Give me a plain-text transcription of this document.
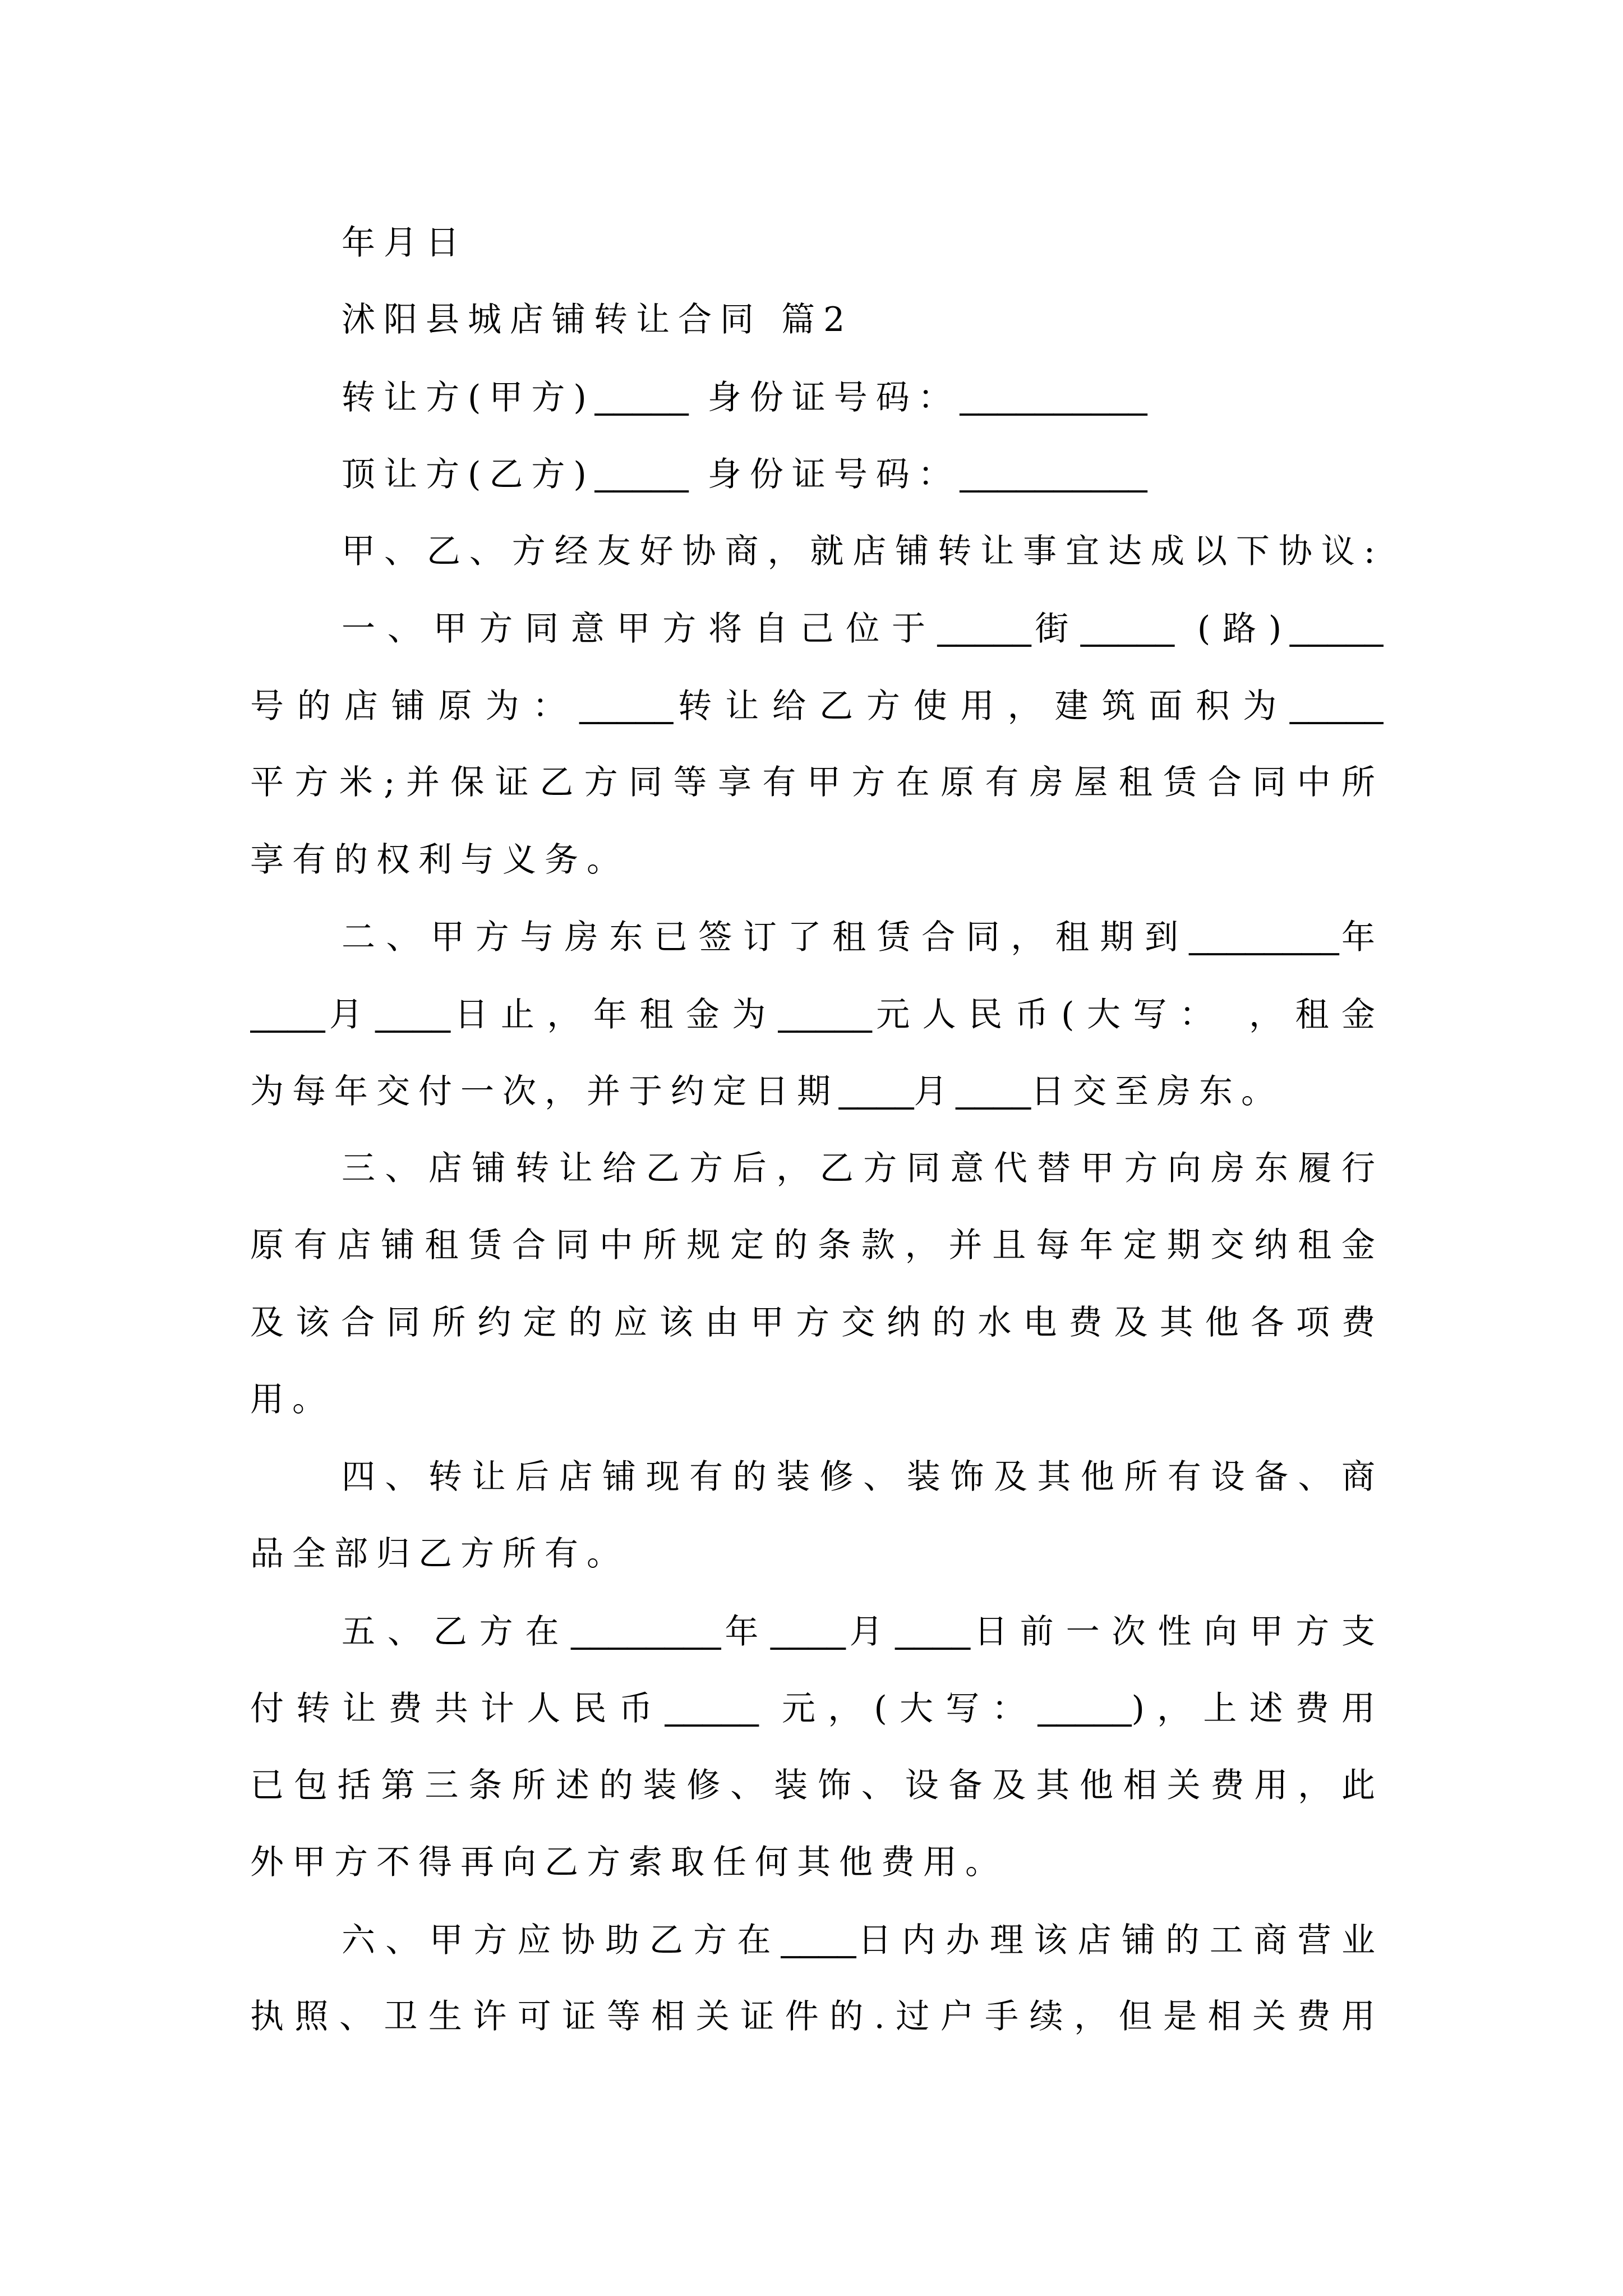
年月日
沭阳县城店铺转让合同 篇2
转让方(甲方)_____ 身份证号码：__________
顶让方(乙方)_____ 身份证号码：__________
甲、乙、方经友好协商，就店铺转让事宜达成以下协议:
一、甲方同意甲方将自己位于_____街_____ (路)_____
号的店铺原为：_____转让给乙方使用，建筑面积为_____
平方米;并保证乙方同等享有甲方在原有房屋租赁合同中所
享有的权利与义务。
二、甲方与房东已签订了租赁合同，租期到________年
____月____日止，年租金为_____元人民币(大写： ，租金
为每年交付一次，并于约定日期____月____日交至房东。
三、店铺转让给乙方后，乙方同意代替甲方向房东履行
原有店铺租赁合同中所规定的条款，并且每年定期交纳租金
及该合同所约定的应该由甲方交纳的水电费及其他各项费
用。
四、转让后店铺现有的装修、装饰及其他所有设备、商
品全部归乙方所有。
五、乙方在________年____月____日前一次性向甲方支
付转让费共计人民币_____ 元，(大写：_____)，上述费用
已包括第三条所述的装修、装饰、设备及其他相关费用，此
外甲方不得再向乙方索取任何其他费用。
六、甲方应协助乙方在____日内办理该店铺的工商营业
执照、卫生许可证等相关证件的.过户手续，但是相关费用
